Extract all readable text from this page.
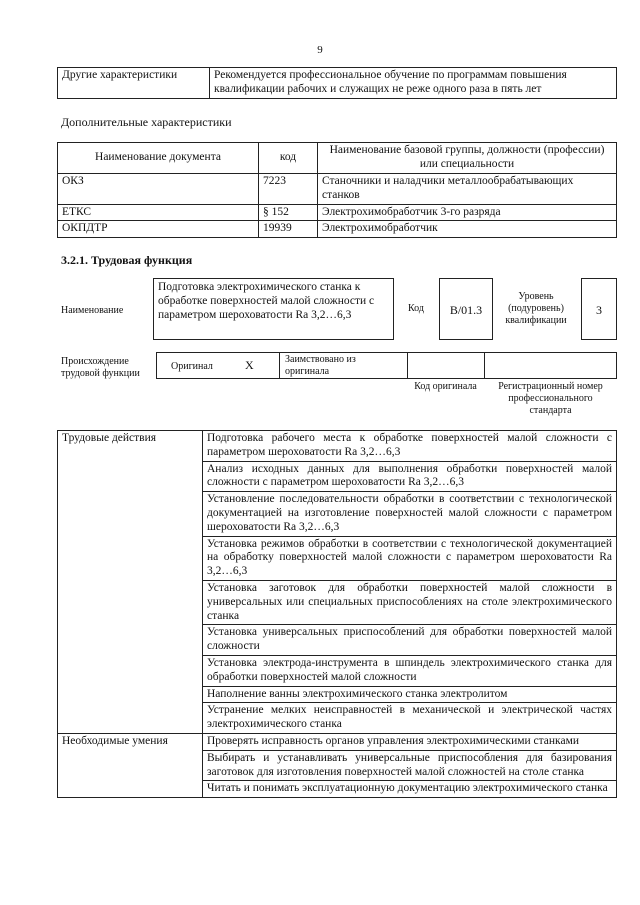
9
Другие характеристики	Рекомендуется профессиональное обучение по программам повышения квалификации рабочих и служащих не реже одного раза в пять лет
Дополнительные характеристики
Наименование документа	код	Наименование базовой группы, должности (профессии) или специальности
ОКЗ	7223	Станочники и наладчики металлообрабатывающих станков
ЕТКС	§ 152	Электрохимобработчик 3-го разряда
ОКПДТР	19939	Электрохимобработчик
3.2.1. Трудовая функция
Наименование
Подготовка электрохимического станка к обработке поверхностей малой сложности с параметром шероховатости Ra 3,2…6,3
Код	В/01.3
Уровень (подуровень) квалификации
3
Происхождение трудовой функции
Оригинал	X	Заимствовано из оригинала
Код оригинала	Регистрационный номер профессионального стандарта
Трудовые действия	Подготовка рабочего места к обработке поверхностей малой сложности с параметром шероховатости Ra 3,2…6,3
	Анализ исходных данных для выполнения обработки поверхностей малой сложности с параметром шероховатости Ra 3,2…6,3
	Установление последовательности обработки в соответствии с технологической документацией на изготовление поверхностей малой сложности с параметром шероховатости Ra 3,2…6,3
	Установка режимов обработки в соответствии с технологической документацией на обработку поверхностей малой сложности с параметром шероховатости Ra 3,2…6,3
	Установка заготовок для обработки поверхностей малой сложности в универсальных или специальных приспособлениях на столе электрохимического станка
	Установка универсальных приспособлений для обработки поверхностей малой сложности
	Установка электрода-инструмента в шпиндель электрохимического станка для обработки поверхностей малой сложности
	Наполнение ванны электрохимического станка электролитом
	Устранение мелких неисправностей в механической и электрической частях электрохимического станка
Необходимые умения	Проверять исправность органов управления электрохимическими станками
	Выбирать и устанавливать универсальные приспособления для базирования заготовок для изготовления поверхностей малой сложностей на столе станка
	Читать и понимать эксплуатационную документацию электрохимического станка
